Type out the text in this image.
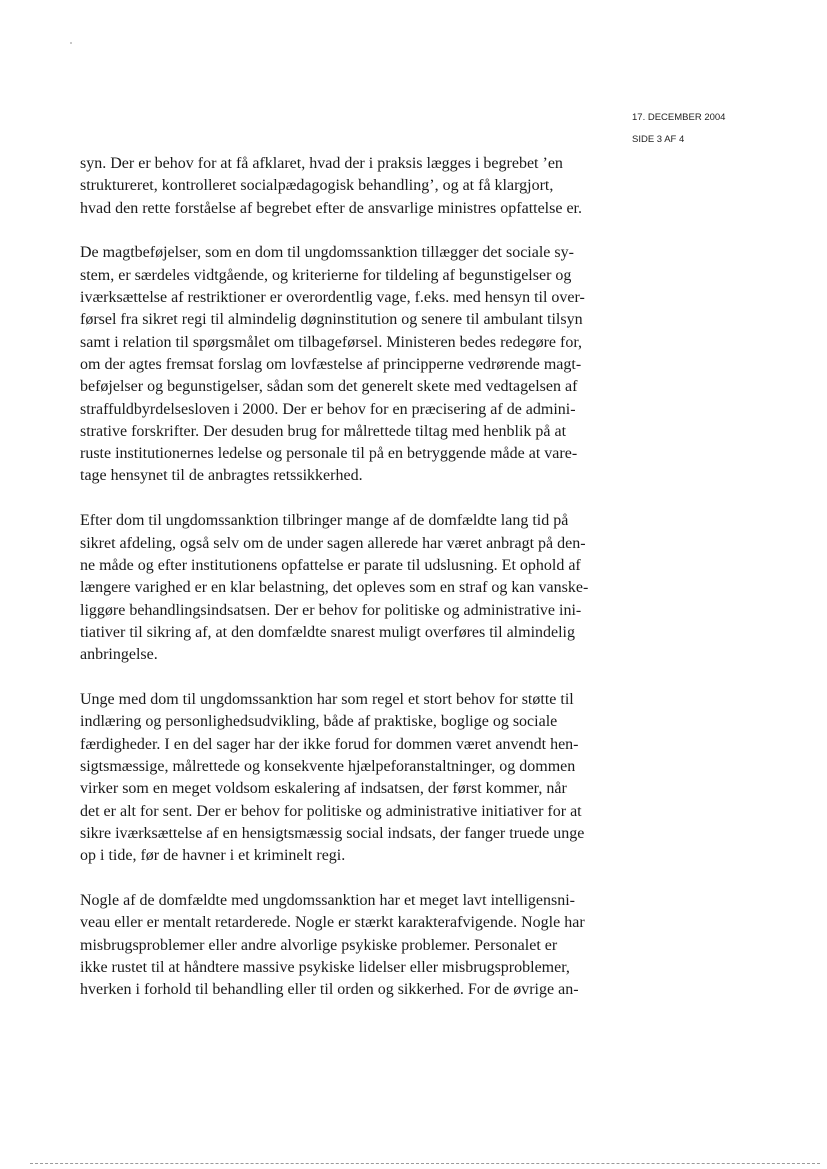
17. DECEMBER 2004
SIDE 3 AF 4
syn. Der er behov for at få afklaret, hvad der i praksis lægges i begrebet ’en
struktureret, kontrolleret socialpædagogisk behandling’, og at få klargjort,
hvad den rette forståelse af begrebet efter de ansvarlige ministres opfattelse er.
De magtbeføjelser, som en dom til ungdomssanktion tillægger det sociale sy-
stem, er særdeles vidtgående, og kriterierne for tildeling af begunstigelser og
iværksættelse af restriktioner er overordentlig vage, f.eks. med hensyn til over-
førsel fra sikret regi til almindelig døgninstitution og senere til ambulant tilsyn
samt i relation til spørgsmålet om tilbageførsel. Ministeren bedes redegøre for,
om der agtes fremsat forslag om lovfæstelse af principperne vedrørende magt-
beføjelser og begunstigelser, sådan som det generelt skete med vedtagelsen af
straffuldbyrdelsesloven i 2000. Der er behov for en præcisering af de admini-
strative forskrifter. Der desuden brug for målrettede tiltag med henblik på at
ruste institutionernes ledelse og personale til på en betryggende måde at vare-
tage hensynet til de anbragtes retssikkerhed.
Efter dom til ungdomssanktion tilbringer mange af de domfældte lang tid på
sikret afdeling, også selv om de under sagen allerede har været anbragt på den-
ne måde og efter institutionens opfattelse er parate til udslusning. Et ophold af
længere varighed er en klar belastning, det opleves som en straf og kan vanske-
liggøre behandlingsindsatsen. Der er behov for politiske og administrative ini-
tiativer til sikring af, at den domfældte snarest muligt overføres til almindelig
anbringelse.
Unge med dom til ungdomssanktion har som regel et stort behov for støtte til
indlæring og personlighedsudvikling, både af praktiske, boglige og sociale
færdigheder. I en del sager har der ikke forud for dommen været anvendt hen-
sigtsmæssige, målrettede og konsekvente hjælpeforanstaltninger, og dommen
virker som en meget voldsom eskalering af indsatsen, der først kommer, når
det er alt for sent. Der er behov for politiske og administrative initiativer for at
sikre iværksættelse af en hensigtsmæssig social indsats, der fanger truede unge
op i tide, før de havner i et kriminelt regi.
Nogle af de domfældte med ungdomssanktion har et meget lavt intelligensni-
veau eller er mentalt retarderede. Nogle er stærkt karakterafvigende. Nogle har
misbrugsproblemer eller andre alvorlige psykiske problemer. Personalet er
ikke rustet til at håndtere massive psykiske lidelser eller misbrugsproblemer,
hverken i forhold til behandling eller til orden og sikkerhed. For de øvrige an-
